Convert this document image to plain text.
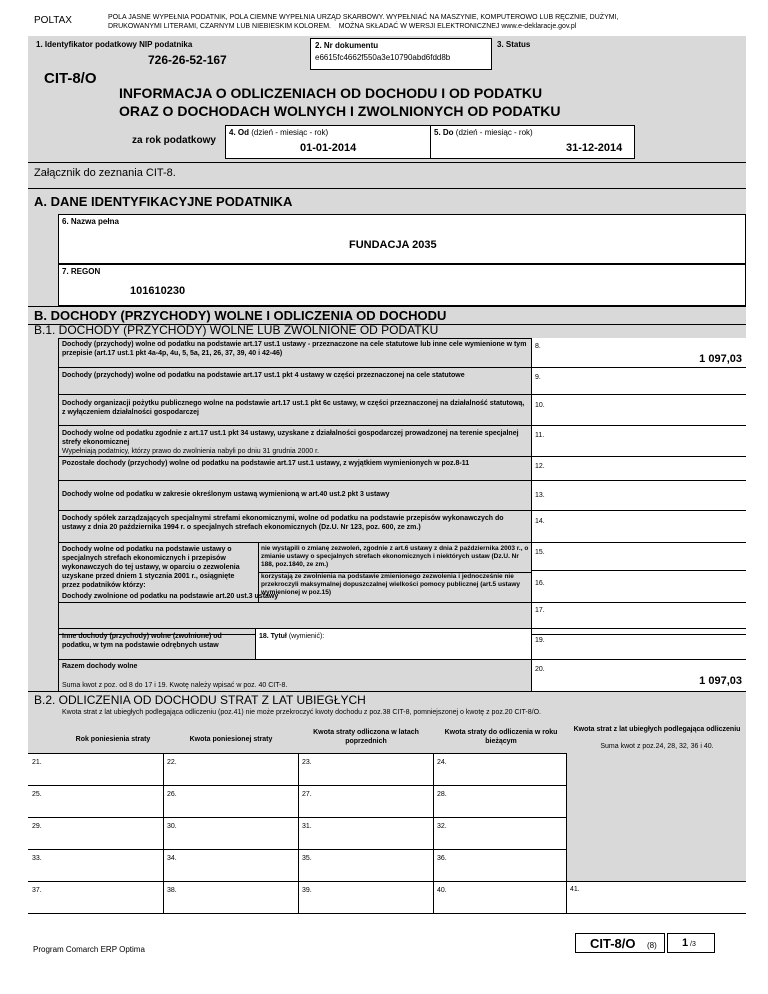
POLTAX	POLA JASNE WYPEŁNIA PODATNIK, POLA CIEMNE WYPEŁNIA URZĄD SKARBOWY. WYPEŁNIAĆ NA MASZYNIE, KOMPUTEROWO LUB RĘCZNIE, DUŻYMI,
DRUKOWANYMI LITERAMI, CZARNYM LUB NIEBIESKIM KOLOREM. MOŻNA SKŁADAĆ W WERSJI ELEKTRONICZNEJ www.e-deklaracje.gov.pl
1. Identyfikator podatkowy NIP podatnika	2. Nr dokumentu
e6615fc4662f550a3e10790abd6fdd8b
3. Status
726-26-52-167
CIT-8/O
INFORMACJA O ODLICZENIACH OD DOCHODU I OD PODATKU
ORAZ O DOCHODACH WOLNYCH I ZWOLNIONYCH OD PODATKU
za rok podatkowy
4. Od (dzień - miesiąc - rok)
01-01-2014
5. Do (dzień - miesiąc - rok)
31-12-2014
Załącznik do zeznania CIT-8.
A. DANE IDENTYFIKACYJNE PODATNIKA
6. Nazwa pełna
FUNDACJA 2035
7. REGON
101610230
B. DOCHODY (PRZYCHODY) WOLNE I ODLICZENIA OD DOCHODU
B.1. DOCHODY (PRZYCHODY) WOLNE LUB ZWOLNIONE OD PODATKU
Dochody (przychody) wolne od podatku na podstawie art.17 ust.1 ustawy - przeznaczone na cele statutowe lub inne cele wymienione w tym przepisie (art.17 ust.1 pkt 4a-4p, 4u, 5, 5a, 21, 26, 37, 39, 40 i 42-46)
8.
1 097,03
Dochody (przychody) wolne od podatku na podstawie art.17 ust.1 pkt 4 ustawy w części przeznaczonej na cele statutowe	9.
Dochody organizacji pożytku publicznego wolne na podstawie art.17 ust.1 pkt 6c ustawy, w części przeznaczonej na działalność statutową, z wyłączeniem działalności gospodarczej
10.
Dochody wolne od podatku zgodnie z art.17 ust.1 pkt 34 ustawy, uzyskane z działalności gospodarczej prowadzonej na terenie specjalnej strefy ekonomicznej
Wypełniają podatnicy, którzy prawo do zwolnienia nabyli po dniu 31 grudnia 2000 r.
11.
Pozostałe dochody (przychody) wolne od podatku na podstawie art.17 ust.1 ustawy, z wyjątkiem wymienionych w poz.8-11	12.
Dochody wolne od podatku w zakresie określonym ustawą wymienioną w art.40 ust.2 pkt 3 ustawy	13.
Dochody spółek zarządzających specjalnymi strefami ekonomicznymi, wolne od podatku na podstawie przepisów wykonawczych do ustawy z dnia 20 października 1994 r. o specjalnych strefach ekonomicznych (Dz.U. Nr 123, poz. 600, ze zm.)
14.
Dochody wolne od podatku na podstawie ustawy o specjalnych strefach ekonomicznych i przepisów wykonawczych do tej ustawy, w oparciu o zezwolenia uzyskane przed dniem 1 stycznia 2001 r., osiągnięte przez podatników którzy:
nie wystąpili o zmianę zezwoleń, zgodnie z art.6 ustawy z dnia 2 października 2003 r., o zmianie ustawy o specjalnych strefach ekonomicznych i niektórych ustaw (Dz.U. Nr 188, poz.1840, ze zm.)
15.
korzystają ze zwolnienia na podstawie zmienionego zezwolenia i jednocześnie nie przekroczyli maksymalnej dopuszczalnej wielkości pomocy publicznej (art.5 ustawy wymienionej w poz.15)
16.
Dochody zwolnione od podatku na podstawie art.20 ust.3 ustawy
17.
Inne dochody (przychody) wolne (zwolnione) od podatku, w tym na podstawie odrębnych ustaw
18. Tytuł (wymienić):
19.
Razem dochody wolne
Suma kwot z poz. od 8 do 17 i 19. Kwotę należy wpisać w poz. 40 CIT-8.
20.
1 097,03
B.2. ODLICZENIA OD DOCHODU STRAT Z LAT UBIEGŁYCH
Kwota strat z lat ubiegłych podlegająca odliczeniu (poz.41) nie może przekroczyć kwoty dochodu z poz.38 CIT-8, pomniejszonej o kwotę z poz.20 CIT-8/O.
Rok poniesienia straty	Kwota poniesionej straty
Kwota straty odliczona w latach poprzednich
Kwota straty do odliczenia w roku bieżącym
Kwota strat z lat ubiegłych podlegająca odliczeniu
Suma kwot z poz.24, 28, 32, 36 i 40.
41.
21.	22.	23.	24.
25.	26.	27.	28.
29.	30.	31.	32.
33.	34.	35.	36.
37.	38.	39.	40.
Program Comarch ERP Optima	CIT-8/O (8) 1 /3
